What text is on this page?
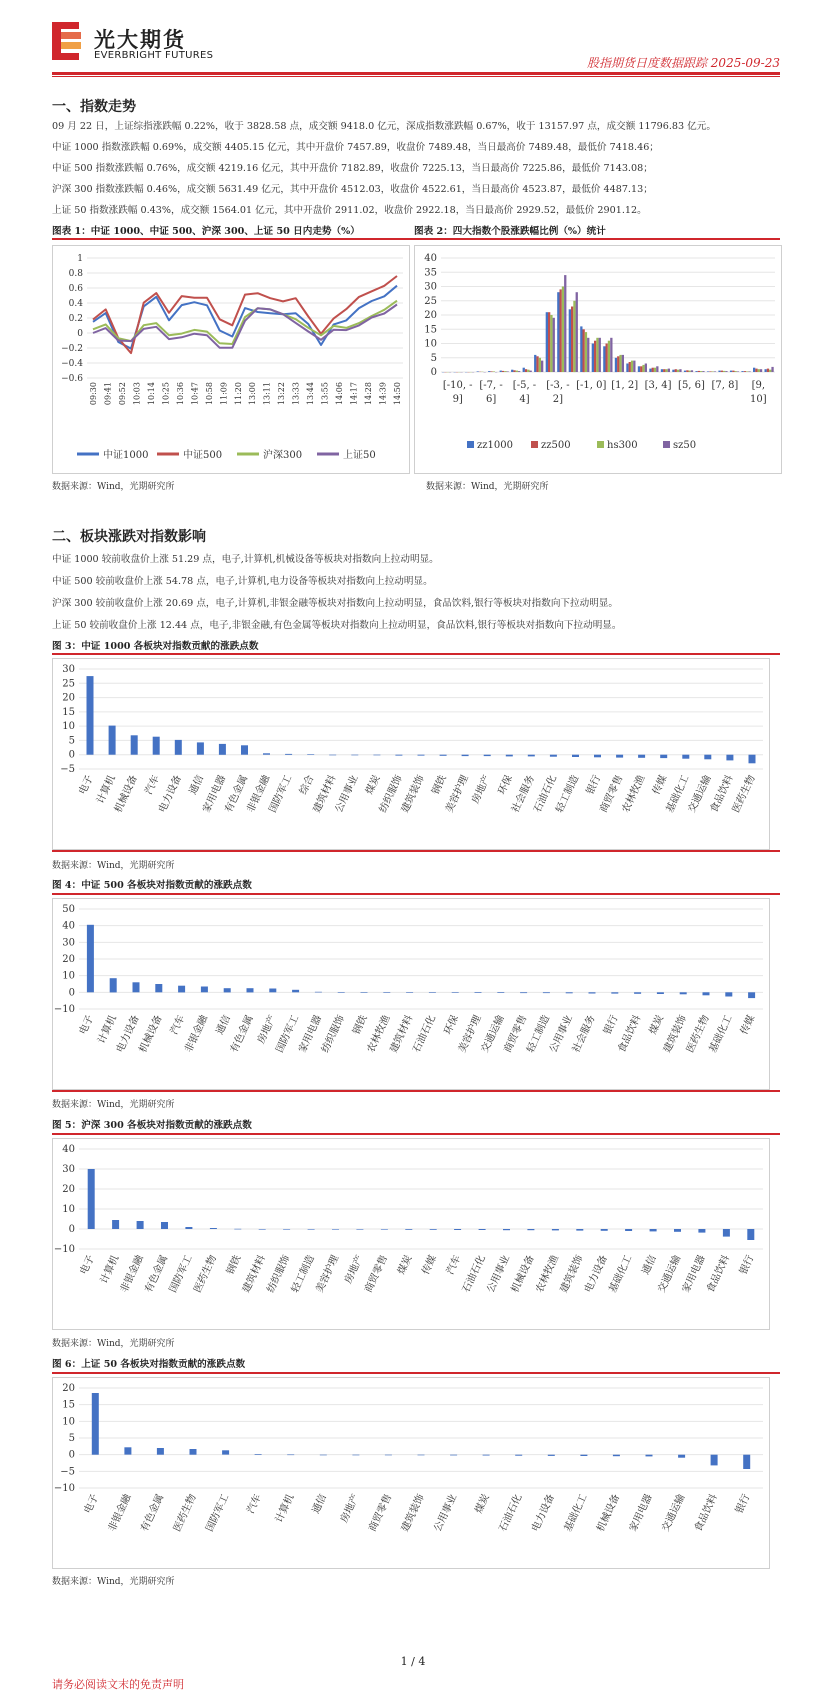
光大期货
EVERBRIGHT FUTURES
股指期货日度数据跟踪 2025-09-23
一、指数走势
09 月 22 日，上证综指涨跌幅 0.22%，收于 3828.58 点，成交额 9418.0 亿元，深成指数涨跌幅 0.67%，收于 13157.97 点，成交额 11796.83 亿元。
中证 1000 指数涨跌幅 0.69%，成交额 4405.15 亿元，其中开盘价 7457.89，收盘价 7489.48，当日最高价 7489.48，最低价 7418.46；
中证 500 指数涨跌幅 0.76%，成交额 4219.16 亿元，其中开盘价 7182.89，收盘价 7225.13，当日最高价 7225.86，最低价 7143.08；
沪深 300 指数涨跌幅 0.46%，成交额 5631.49 亿元，其中开盘价 4512.03，收盘价 4522.61，当日最高价 4523.87，最低价 4487.13；
上证 50 指数涨跌幅 0.43%，成交额 1564.01 亿元，其中开盘价 2911.02，收盘价 2922.18，当日最高价 2929.52，最低价 2901.12。
图表 1：中证 1000、中证 500、沪深 300、上证 50 日内走势（%）	图表 2：四大指数个股涨跌幅比例（%）统计
1
0.8
0.6
0.4
0.2
0
−0.2
−0.4
−0.6
09:30 09:41 09:52 10:03 10:14 10:25 10:36 10:47 10:58 11:09 11:20 13:00 13:11 13:22 13:33 13:44 13:55 14:06 14:17 14:28 14:39 14:50
中证1000	中证500	沪深300	上证50
40
35
30
25
20
15
10
5
0
[-10, -
9]
[-7, -
6]
[-5, -
4]
[-3, -
2]
[-1, 0] [1, 2] [3, 4] [5, 6] [7, 8] [9,
10]
zz1000	zz500	hs300	sz50
数据来源：Wind，光期研究所	数据来源：Wind，光期研究所
二、板块涨跌对指数影响
中证 1000 较前收盘价上涨 51.29 点，电子,计算机,机械设备等板块对指数向上拉动明显。
中证 500 较前收盘价上涨 54.78 点，电子,计算机,电力设备等板块对指数向上拉动明显。
沪深 300 较前收盘价上涨 20.69 点，电子,计算机,非银金融等板块对指数向上拉动明显，食品饮料,银行等板块对指数向下拉动明显。
上证 50 较前收盘价上涨 12.44 点，电子,非银金融,有色金属等板块对指数向上拉动明显，食品饮料,银行等板块对指数向下拉动明显。
图 3：中证 1000 各板块对指数贡献的涨跌点数
30
25
20
15
10
5
0
−5
电子 计算机
机械设备 汽车
电力设备 通信
家用电器
有色金属
非银金融
国防军工 综合
建筑材料
公用事业 煤炭
纺织服饰
建筑装饰 钢铁
美容护理 房地产 环保
社会服务
石油石化
轻工制造 银行
商贸零售
农林牧渔 传媒
基础化工
交通运输
食品饮料
医药生物
数据来源：Wind，光期研究所
图 4：中证 500 各板块对指数贡献的涨跌点数
50
40
30
20
10
0
−10
电子 计算机
电力设备
机械设备 汽车
非银金融 通信
有色金属 房地产
国防军工
家用电器
纺织服饰 钢铁
农林牧渔
建筑材料
石油石化 环保
美容护理
交通运输
商贸零售
轻工制造
公用事业
社会服务 银行
食品饮料 煤炭
建筑装饰
医药生物
基础化工 传媒
数据来源：Wind，光期研究所
图 5：沪深 300 各板块对指数贡献的涨跌点数
40
30
20
10
0
−10
电子 计算机
非银金融
有色金属
国防军工
医药生物 钢铁
建筑材料
纺织服饰
轻工制造
美容护理 房地产
商贸零售 煤炭 传媒 汽车
石油石化
公用事业
机械设备
农林牧渔
建筑装饰
电力设备
基础化工 通信
交通运输
家用电器
食品饮料 银行
数据来源：Wind，光期研究所
图 6：上证 50 各板块对指数贡献的涨跌点数
20
15
10
5
0
−5
−10
电子 非银金融 有色金属 医药生物 国防军工 汽车 计算机 通信 房地产 商贸零售 建筑装饰 公用事业 煤炭 石油石化 电力设备 基础化工 机械设备 家用电器 交通运输 食品饮料 银行
数据来源：Wind，光期研究所
1 / 4
请务必阅读文末的免责声明
